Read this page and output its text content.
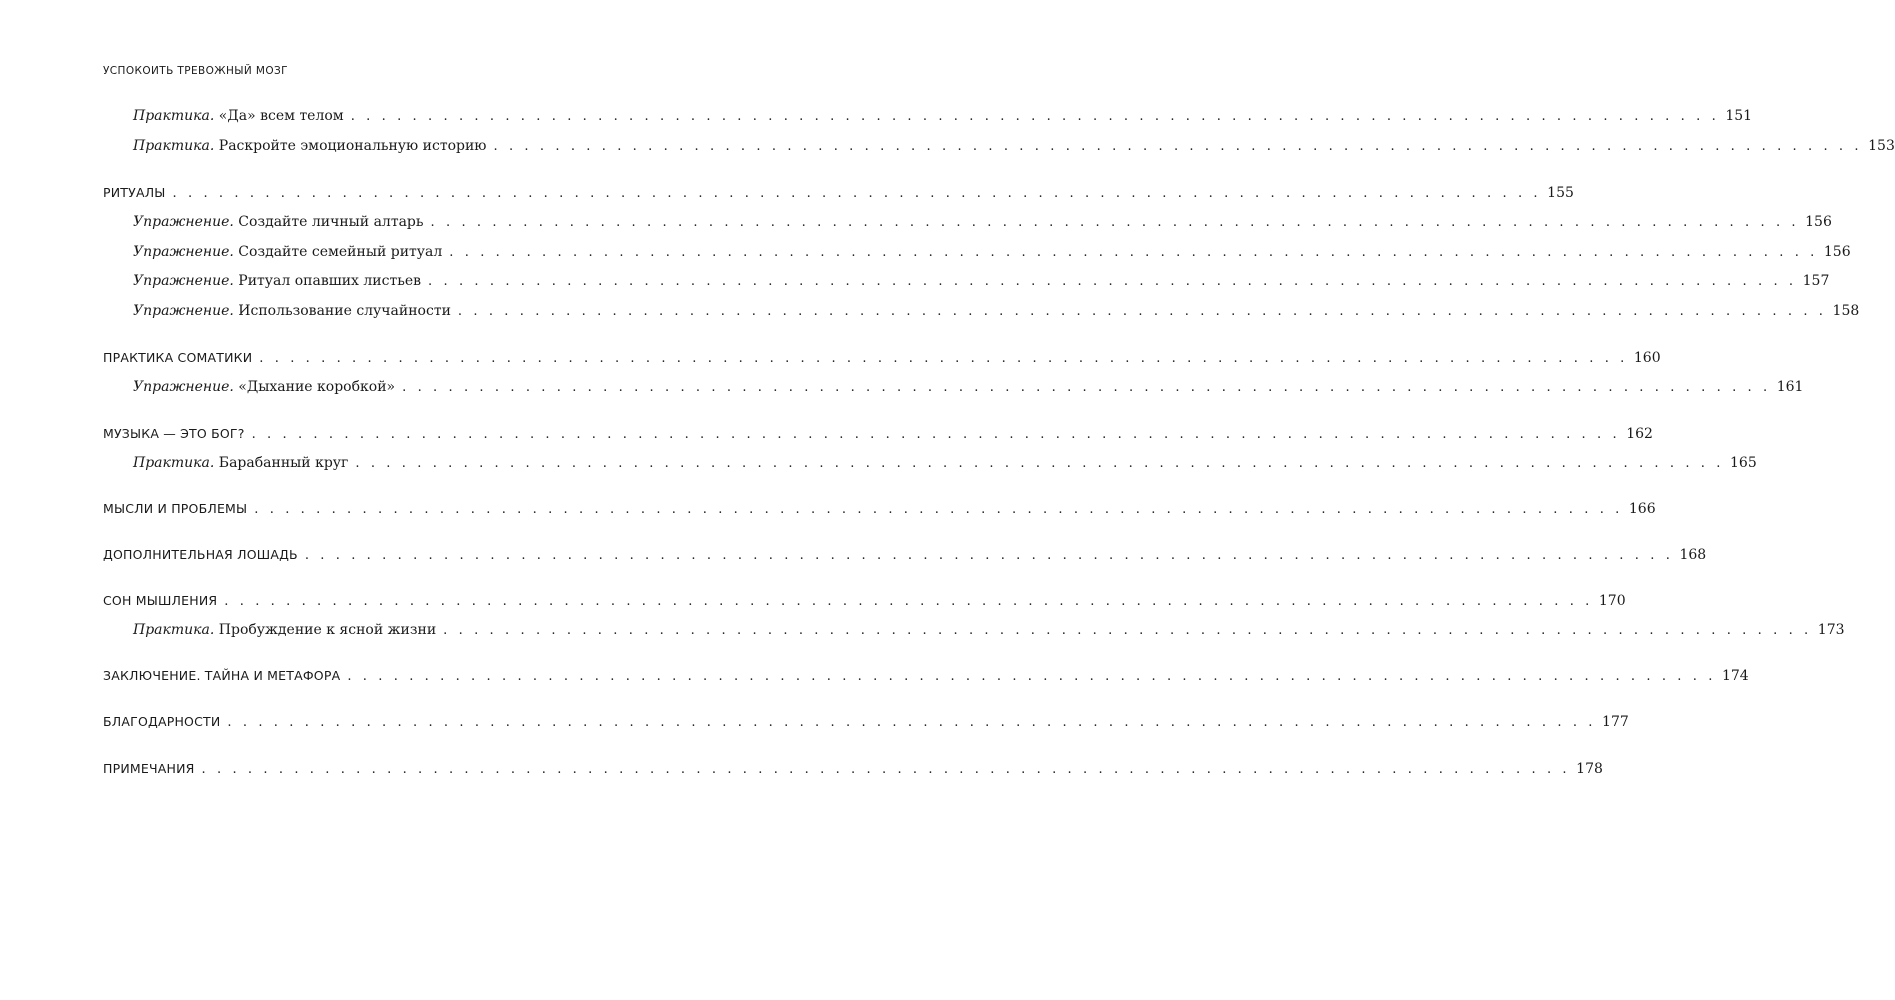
УСПОКОИТЬ ТРЕВОЖНЫЙ МОЗГ
Практика. «Да» всем телом . . . . . . . . . . . . . . . . . . . . . . . . . . . . . . . . . . . . . . . . . . . . . . . . . . . . . . . . . . . . . . . . . . . . . . . . . . . . . . . . . . . . . . . . . 151
Практика. Раскройте эмоциональную историю . . . . . . . . . . . . . . . . . . . . . . . . . . . . . . . . . . . . . . . . . . . . . . . . . . . . . . . . . . . . . . . . . . . . . . . . . . . . . . . . . . . . . . . . . 153
РИТУАЛЫ . . . . . . . . . . . . . . . . . . . . . . . . . . . . . . . . . . . . . . . . . . . . . . . . . . . . . . . . . . . . . . . . . . . . . . . . . . . . . . . . . . . . . . . . . 155
Упражнение. Создайте личный алтарь . . . . . . . . . . . . . . . . . . . . . . . . . . . . . . . . . . . . . . . . . . . . . . . . . . . . . . . . . . . . . . . . . . . . . . . . . . . . . . . . . . . . . . . . . 156
Упражнение. Создайте семейный ритуал . . . . . . . . . . . . . . . . . . . . . . . . . . . . . . . . . . . . . . . . . . . . . . . . . . . . . . . . . . . . . . . . . . . . . . . . . . . . . . . . . . . . . . . . . 156
Упражнение. Ритуал опавших листьев . . . . . . . . . . . . . . . . . . . . . . . . . . . . . . . . . . . . . . . . . . . . . . . . . . . . . . . . . . . . . . . . . . . . . . . . . . . . . . . . . . . . . . . . . 157
Упражнение. Использование случайности . . . . . . . . . . . . . . . . . . . . . . . . . . . . . . . . . . . . . . . . . . . . . . . . . . . . . . . . . . . . . . . . . . . . . . . . . . . . . . . . . . . . . . . . . 158
ПРАКТИКА СОМАТИКИ . . . . . . . . . . . . . . . . . . . . . . . . . . . . . . . . . . . . . . . . . . . . . . . . . . . . . . . . . . . . . . . . . . . . . . . . . . . . . . . . . . . . . . . . . 160
Упражнение. «Дыхание коробкой» . . . . . . . . . . . . . . . . . . . . . . . . . . . . . . . . . . . . . . . . . . . . . . . . . . . . . . . . . . . . . . . . . . . . . . . . . . . . . . . . . . . . . . . . . 161
МУЗЫКА — ЭТО БОГ? . . . . . . . . . . . . . . . . . . . . . . . . . . . . . . . . . . . . . . . . . . . . . . . . . . . . . . . . . . . . . . . . . . . . . . . . . . . . . . . . . . . . . . . . . 162
Практика. Барабанный круг . . . . . . . . . . . . . . . . . . . . . . . . . . . . . . . . . . . . . . . . . . . . . . . . . . . . . . . . . . . . . . . . . . . . . . . . . . . . . . . . . . . . . . . . . 165
МЫСЛИ И ПРОБЛЕМЫ . . . . . . . . . . . . . . . . . . . . . . . . . . . . . . . . . . . . . . . . . . . . . . . . . . . . . . . . . . . . . . . . . . . . . . . . . . . . . . . . . . . . . . . . . 166
ДОПОЛНИТЕЛЬНАЯ ЛОШАДЬ . . . . . . . . . . . . . . . . . . . . . . . . . . . . . . . . . . . . . . . . . . . . . . . . . . . . . . . . . . . . . . . . . . . . . . . . . . . . . . . . . . . . . . . . . 168
СОН МЫШЛЕНИЯ . . . . . . . . . . . . . . . . . . . . . . . . . . . . . . . . . . . . . . . . . . . . . . . . . . . . . . . . . . . . . . . . . . . . . . . . . . . . . . . . . . . . . . . . . 170
Практика. Пробуждение к ясной жизни . . . . . . . . . . . . . . . . . . . . . . . . . . . . . . . . . . . . . . . . . . . . . . . . . . . . . . . . . . . . . . . . . . . . . . . . . . . . . . . . . . . . . . . . . 173
ЗАКЛЮЧЕНИЕ. ТАЙНА И МЕТАФОРА . . . . . . . . . . . . . . . . . . . . . . . . . . . . . . . . . . . . . . . . . . . . . . . . . . . . . . . . . . . . . . . . . . . . . . . . . . . . . . . . . . . . . . . . . 174
БЛАГОДАРНОСТИ . . . . . . . . . . . . . . . . . . . . . . . . . . . . . . . . . . . . . . . . . . . . . . . . . . . . . . . . . . . . . . . . . . . . . . . . . . . . . . . . . . . . . . . . . 177
ПРИМЕЧАНИЯ . . . . . . . . . . . . . . . . . . . . . . . . . . . . . . . . . . . . . . . . . . . . . . . . . . . . . . . . . . . . . . . . . . . . . . . . . . . . . . . . . . . . . . . . . 178
